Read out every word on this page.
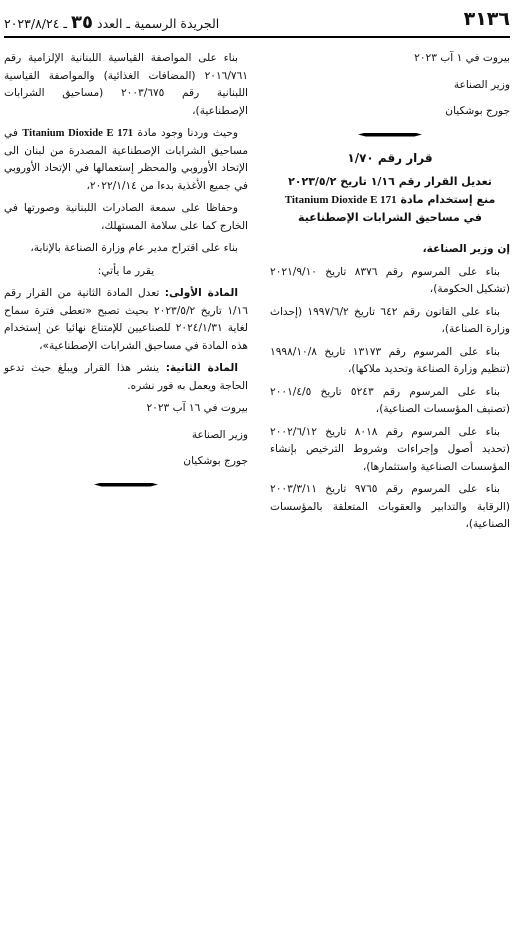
٣١٣٦
الجريدة الرسمية ـ العدد ٣٥ ـ ٢٠٢٣/٨/٢٤

بيروت في ١ آب ٢٠٢٣

وزير الصناعة

جورج بوشكيان

قرار رقم ١/٧٠

تعديل القرار رقم ١/١٦ تاريخ ٢٠٢٣/٥/٢

منع إستخدام مادة Titanium Dioxide E 171

في مساحيق الشرابات الإصطناعية

إن وزير الصناعة،

بناء على المرسوم رقم ٨٣٧٦ تاريخ ٢٠٢١/٩/١٠ (تشكيل الحكومة)،

بناء على القانون رقم ٦٤٢ تاريخ ١٩٩٧/٦/٢ (إحداث وزارة الصناعة)،

بناء على المرسوم رقم ١٣١٧٣ تاريخ ١٩٩٨/١٠/٨ (تنظيم وزارة الصناعة وتحديد ملاكها)،

بناء على المرسوم رقم ٥٢٤٣ تاريخ ٢٠٠١/٤/٥ (تصنيف المؤسسات الصناعية)،

بناء على المرسوم رقم ٨٠١٨ تاريخ ٢٠٠٢/٦/١٢ (تحديد أصول وإجراءات وشروط الترخيص بإنشاء المؤسسات الصناعية واستثمارها)،

بناء على المرسوم رقم ٩٧٦٥ تاريخ ٢٠٠٣/٣/١١ (الرقابة والتدابير والعقوبات المتعلقة بالمؤسسات الصناعية)،

بناء على المواصفة القياسية اللبنانية الإلزامية رقم ٢٠١٦/٧٦١ (المضافات الغذائية) والمواصفة القياسية اللبنانية رقم ٢٠٠٣/٦٧٥ (مساحيق الشرابات الإصطناعية)،

وحيث وردنا وجود مادة Titanium Dioxide E 171 في مساحيق الشرابات الإصطناعية المصدرة من لبنان الى الإتحاد الأوروبي والمحظر إستعمالها في الإتحاد الأوروبي في جميع الأغذية بدءا من ٢٠٢٢/١/١٤،

وحفاظا على سمعة الصادرات اللبنانية وصورتها في الخارج كما على سلامة المستهلك،

بناء على اقتراح مدير عام وزارة الصناعة بالإنابة،

يقرر ما يأتي:

المادة الأولى: تعدل المادة الثانية من القرار رقم ١/١٦ تاريخ ٢٠٢٣/٥/٢ بحيث تصبح «تعطى فترة سماح لغاية ٢٠٢٤/١/٣١ للصناعيين للإمتناع نهائيا عن إستخدام هذه المادة في مساحيق الشرابات الإصطناعية»،

المادة الثانية: ينشر هذا القرار ويبلغ حيث تدعو الحاجة ويعمل به فور نشره.

بيروت في ١٦ آب ٢٠٢٣

وزير الصناعة

جورج بوشكيان
